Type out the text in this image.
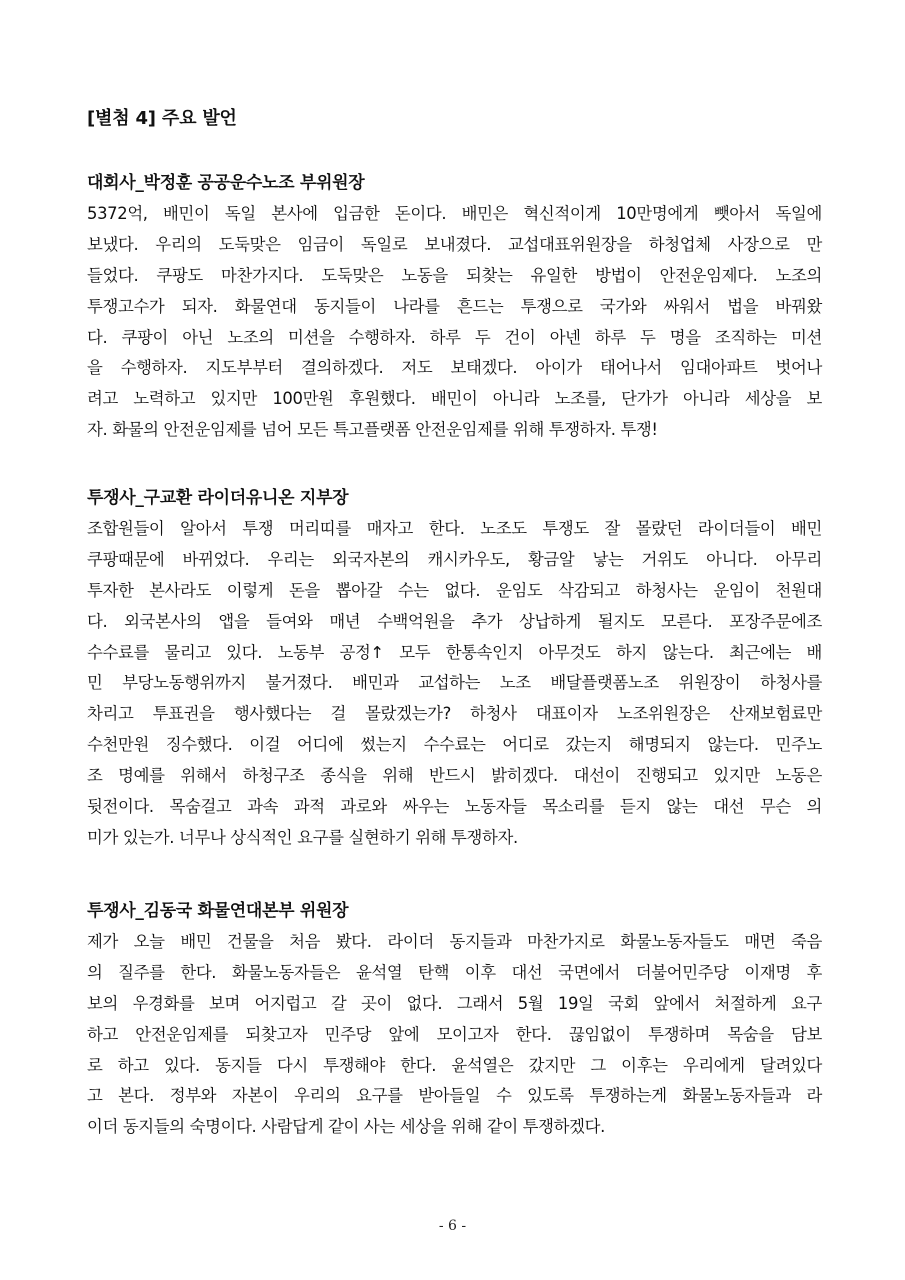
[별첨 4] 주요 발언
대회사_박정훈 공공운수노조 부위원장
5372억, 배민이 독일 본사에 입금한 돈이다. 배민은 혁신적이게 10만명에게 뺏아서 독일에
보냈다. 우리의 도둑맞은 임금이 독일로 보내졌다. 교섭대표위원장을 하청업체 사장으로 만
들었다. 쿠팡도 마찬가지다. 도둑맞은 노동을 되찾는 유일한 방법이 안전운임제다. 노조의
투쟁고수가 되자. 화물연대 동지들이 나라를 흔드는 투쟁으로 국가와 싸워서 법을 바꿔왔
다. 쿠팡이 아닌 노조의 미션을 수행하자. 하루 두 건이 아넨 하루 두 명을 조직하는 미션
을 수행하자. 지도부부터 결의하겠다. 저도 보태겠다. 아이가 태어나서 임대아파트 벗어나
려고 노력하고 있지만 100만원 후원했다. 배민이 아니라 노조를, 단가가 아니라 세상을 보
자. 화물의 안전운임제를 넘어 모든 특고플랫폼 안전운임제를 위해 투쟁하자. 투쟁!
투쟁사_구교환 라이더유니온 지부장
조합원들이 알아서 투쟁 머리띠를 매자고 한다. 노조도 투쟁도 잘 몰랐던 라이더들이 배민
쿠팡때문에 바뀌었다. 우리는 외국자본의 캐시카우도, 황금알 낳는 거위도 아니다. 아무리
투자한 본사라도 이렇게 돈을 뽑아갈 수는 없다. 운임도 삭감되고 하청사는 운임이 천원대
다. 외국본사의 앱을 들여와 매년 수백억원을 추가 상납하게 될지도 모른다. 포장주문에조
수수료를 물리고 있다. 노동부 공정↑ 모두 한통속인지 아무것도 하지 않는다. 최근에는 배
민 부당노동행위까지 불거졌다. 배민과 교섭하는 노조 배달플랫폼노조 위원장이 하청사를
차리고 투표권을 행사했다는 걸 몰랐겠는가? 하청사 대표이자 노조위원장은 산재보험료만
수천만원 징수했다. 이걸 어디에 썼는지 수수료는 어디로 갔는지 해명되지 않는다. 민주노
조 명예를 위해서 하청구조 종식을 위해 반드시 밝히겠다. 대선이 진행되고 있지만 노동은
뒷전이다. 목숨걸고 과속 과적 과로와 싸우는 노동자들 목소리를 듣지 않는 대선 무슨 의
미가 있는가. 너무나 상식적인 요구를 실현하기 위해 투쟁하자.
투쟁사_김동국 화물연대본부 위원장
제가 오늘 배민 건물을 처음 봤다. 라이더 동지들과 마찬가지로 화물노동자들도 매면 죽음
의 질주를 한다. 화물노동자들은 윤석열 탄핵 이후 대선 국면에서 더불어민주당 이재명 후
보의 우경화를 보며 어지럽고 갈 곳이 없다. 그래서 5월 19일 국회 앞에서 처절하게 요구
하고 안전운임제를 되찾고자 민주당 앞에 모이고자 한다. 끊임없이 투쟁하며 목숨을 담보
로 하고 있다. 동지들 다시 투쟁해야 한다. 윤석열은 갔지만 그 이후는 우리에게 달려있다
고 본다. 정부와 자본이 우리의 요구를 받아들일 수 있도록 투쟁하는게 화물노동자들과 라
이더 동지들의 숙명이다. 사람답게 같이 사는 세상을 위해 같이 투쟁하겠다.
- 6 -
